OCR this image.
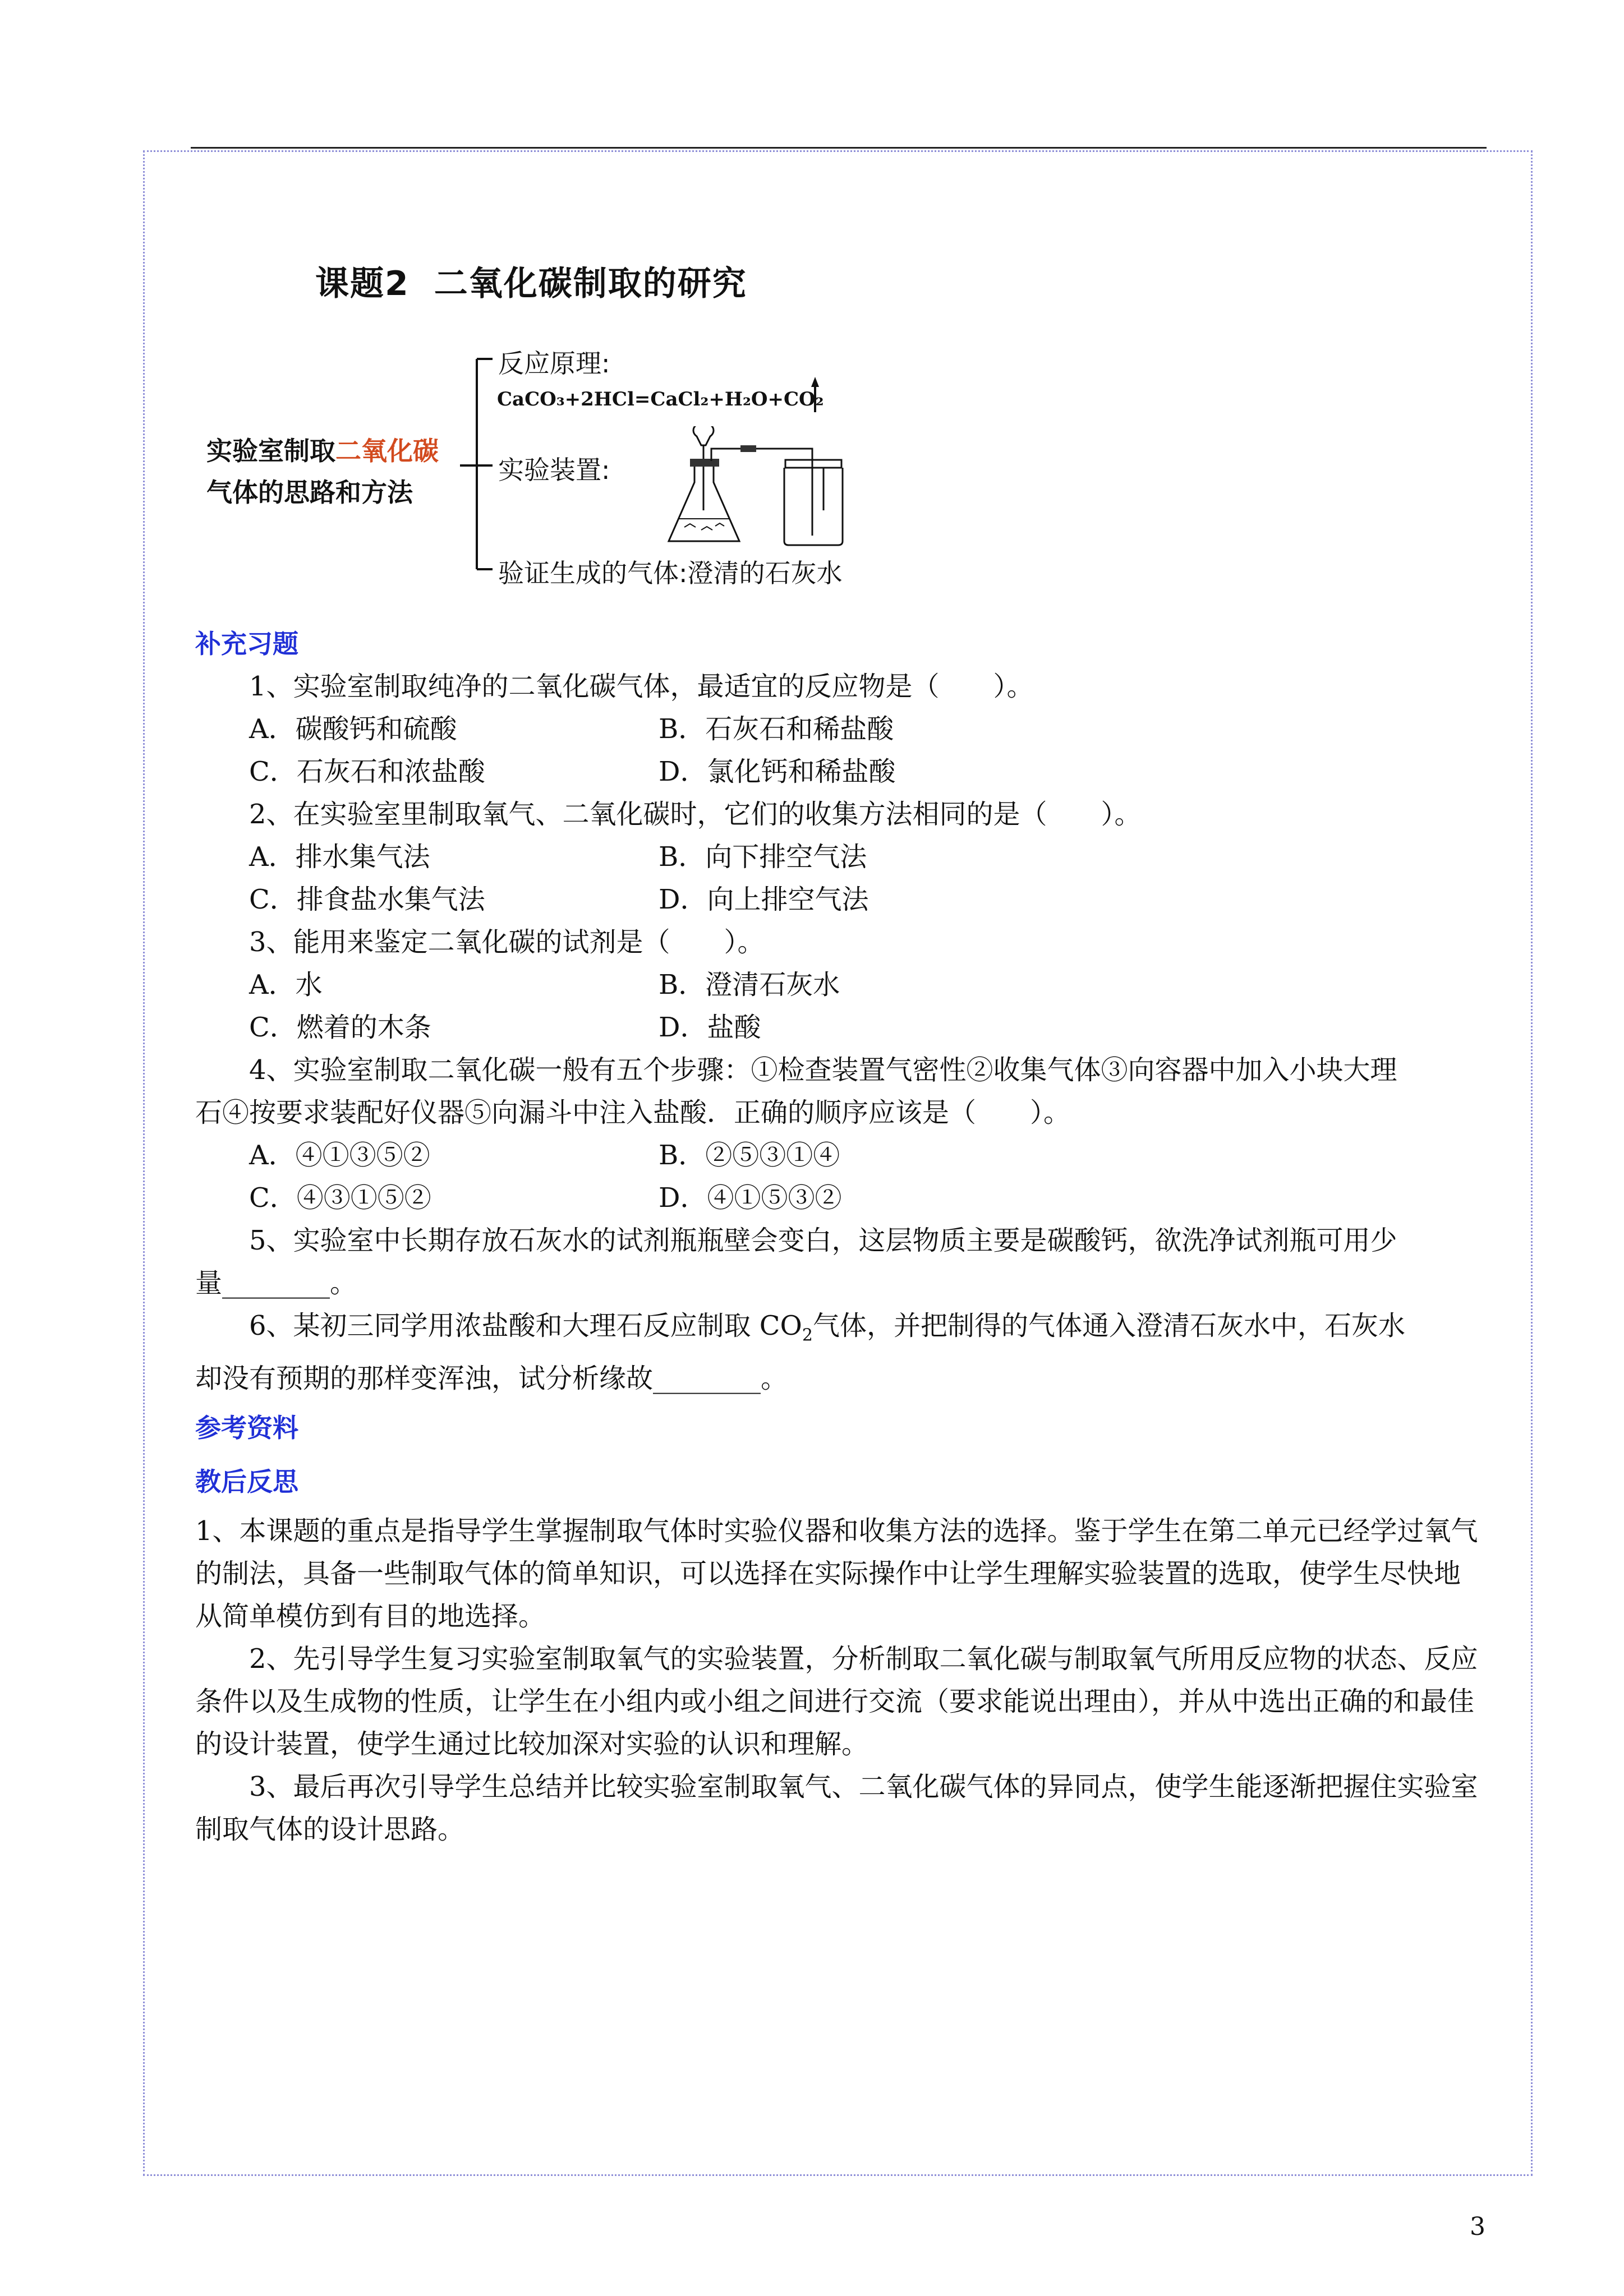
课题2 二氧化碳制取的研究
实验室制取二氧化碳
气体的思路和方法
反应原理:
CaCO₃+2HCl=CaCl₂+H₂O+CO₂
实验装置:
验证生成的气体:澄清的石灰水

补充习题

1、实验室制取纯净的二氧化碳气体，最适宜的反应物是（　　）。

A．碳酸钙和硫酸	B．石灰石和稀盐酸
C．石灰石和浓盐酸	D．氯化钙和稀盐酸

2、在实验室里制取氧气、二氧化碳时，它们的收集方法相同的是（　　）。

A．排水集气法	B．向下排空气法
C．排食盐水集气法	D．向上排空气法

3、能用来鉴定二氧化碳的试剂是（　　）。

A．水	B．澄清石灰水
C．燃着的木条	D．盐酸

4、实验室制取二氧化碳一般有五个步骤：①检查装置气密性②收集气体③向容器中加入小块大理

石④按要求装配好仪器⑤向漏斗中注入盐酸．正确的顺序应该是（　　）。

A．④①③⑤②	B．②⑤③①④
C．④③①⑤②	D．④①⑤③②

5、实验室中长期存放石灰水的试剂瓶瓶壁会变白，这层物质主要是碳酸钙，欲洗净试剂瓶可用少

量________。

6、某初三同学用浓盐酸和大理石反应制取 $CO_2$气体，并把制得的气体通入澄清石灰水中，石灰水

却没有预期的那样变浑浊，试分析缘故________。

参考资料

教后反思

1、本课题的重点是指导学生掌握制取气体时实验仪器和收集方法的选择。鉴于学生在第二单元已经学过氧气的制法，具备一些制取气体的简单知识，可以选择在实际操作中让学生理解实验装置的选取，使学生尽快地从简单模仿到有目的地选择。

2、先引导学生复习实验室制取氧气的实验装置，分析制取二氧化碳与制取氧气所用反应物的状态、反应条件以及生成物的性质，让学生在小组内或小组之间进行交流（要求能说出理由），并从中选出正确的和最佳的设计装置，使学生通过比较加深对实验的认识和理解。

3、最后再次引导学生总结并比较实验室制取氧气、二氧化碳气体的异同点，使学生能逐渐把握住实验室制取气体的设计思路。

3
